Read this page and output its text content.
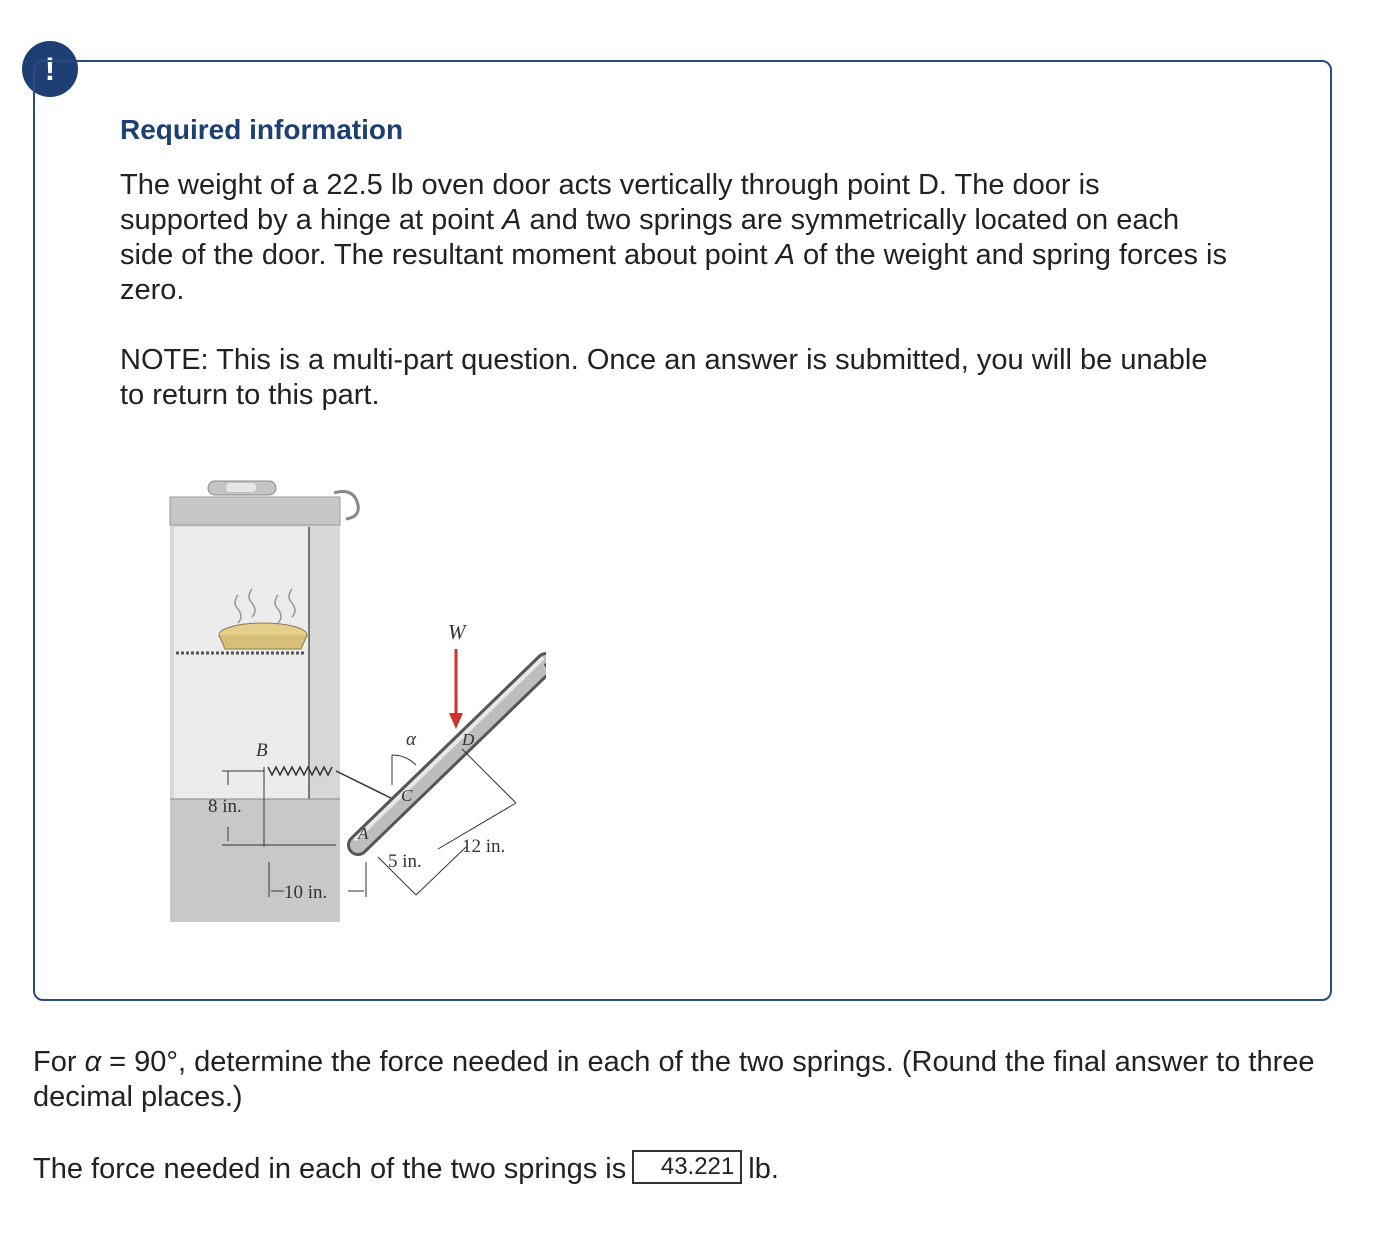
!
Required information

The weight of a 22.5 lb oven door acts vertically through point D. The door is supported by a hinge at point A and two springs are symmetrically located on each side of the door. The resultant moment about point A of the weight and spring forces is zero.

NOTE: This is a multi-part question. Once an answer is submitted, you will be unable to return to this part.

B
8 in.
10 in.
A
C
D
α
W
5 in.
12 in.

For α = 90°, determine the force needed in each of the two springs. (Round the final answer to three decimal places.)

The force needed in each of the two springs is 43.221 lb.
